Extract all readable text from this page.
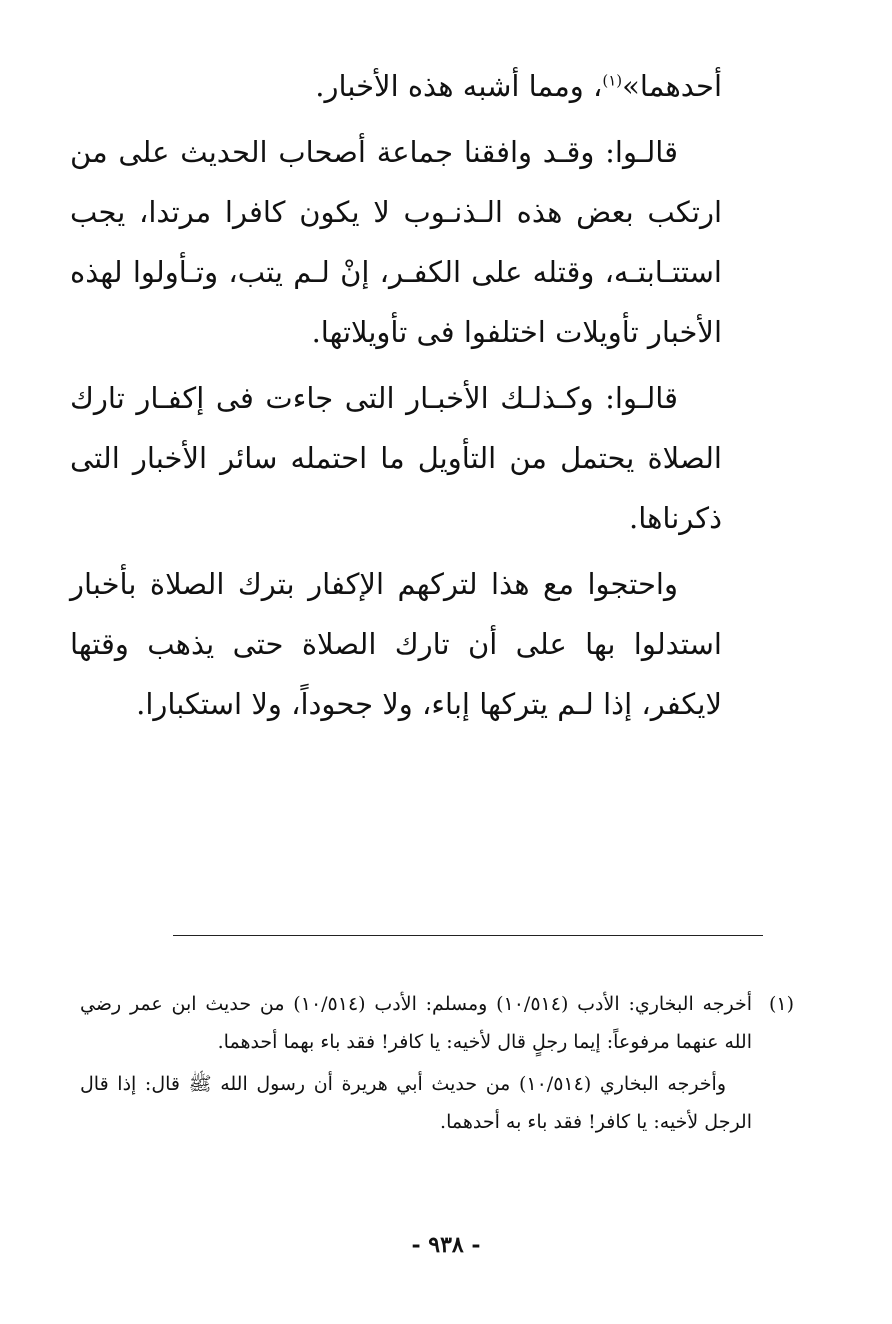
أحدهما»$^{(١)}$، ومما أشبه هذه الأخبار.

قالـوا: وقـد وافقنا جماعة أصحاب الحديث على من ارتكب بعض هذه الـذنـوب لا يكون كافرا مرتدا، يجب استتـابتـه، وقتله على الكفـر، إنْ لـم يتب، وتـأولوا لهذه الأخبار تأويلات اختلفوا فى تأويلاتها.

قالـوا: وكـذلـك الأخبـار التى جاءت فى إكفـار تارك الصلاة يحتمل من التأويل ما احتمله سائر الأخبار التى ذكرناها.

واحتجوا مع هذا لتركهم الإكفار بترك الصلاة بأخبار استدلوا بها على أن تارك الصلاة حتى يذهب وقتها لايكفر، إذا لـم يتركها إباء، ولا جحوداً، ولا استكبارا.

(١)
أخرجه البخاري: الأدب (١٠/٥١٤) ومسلم: الأدب (١٠/٥١٤) من حديث ابن عمر رضي الله عنهما مرفوعاً: إيما رجلٍ قال لأخيه: يا كافر! فقد باء بهما أحدهما.
وأخرجه البخاري (١٠/٥١٤) من حديث أبي هريرة أن رسول الله ﷺ قال: إذا قال الرجل لأخيه: يا كافر! فقد باء به أحدهما.
- ٩٣٨ -
